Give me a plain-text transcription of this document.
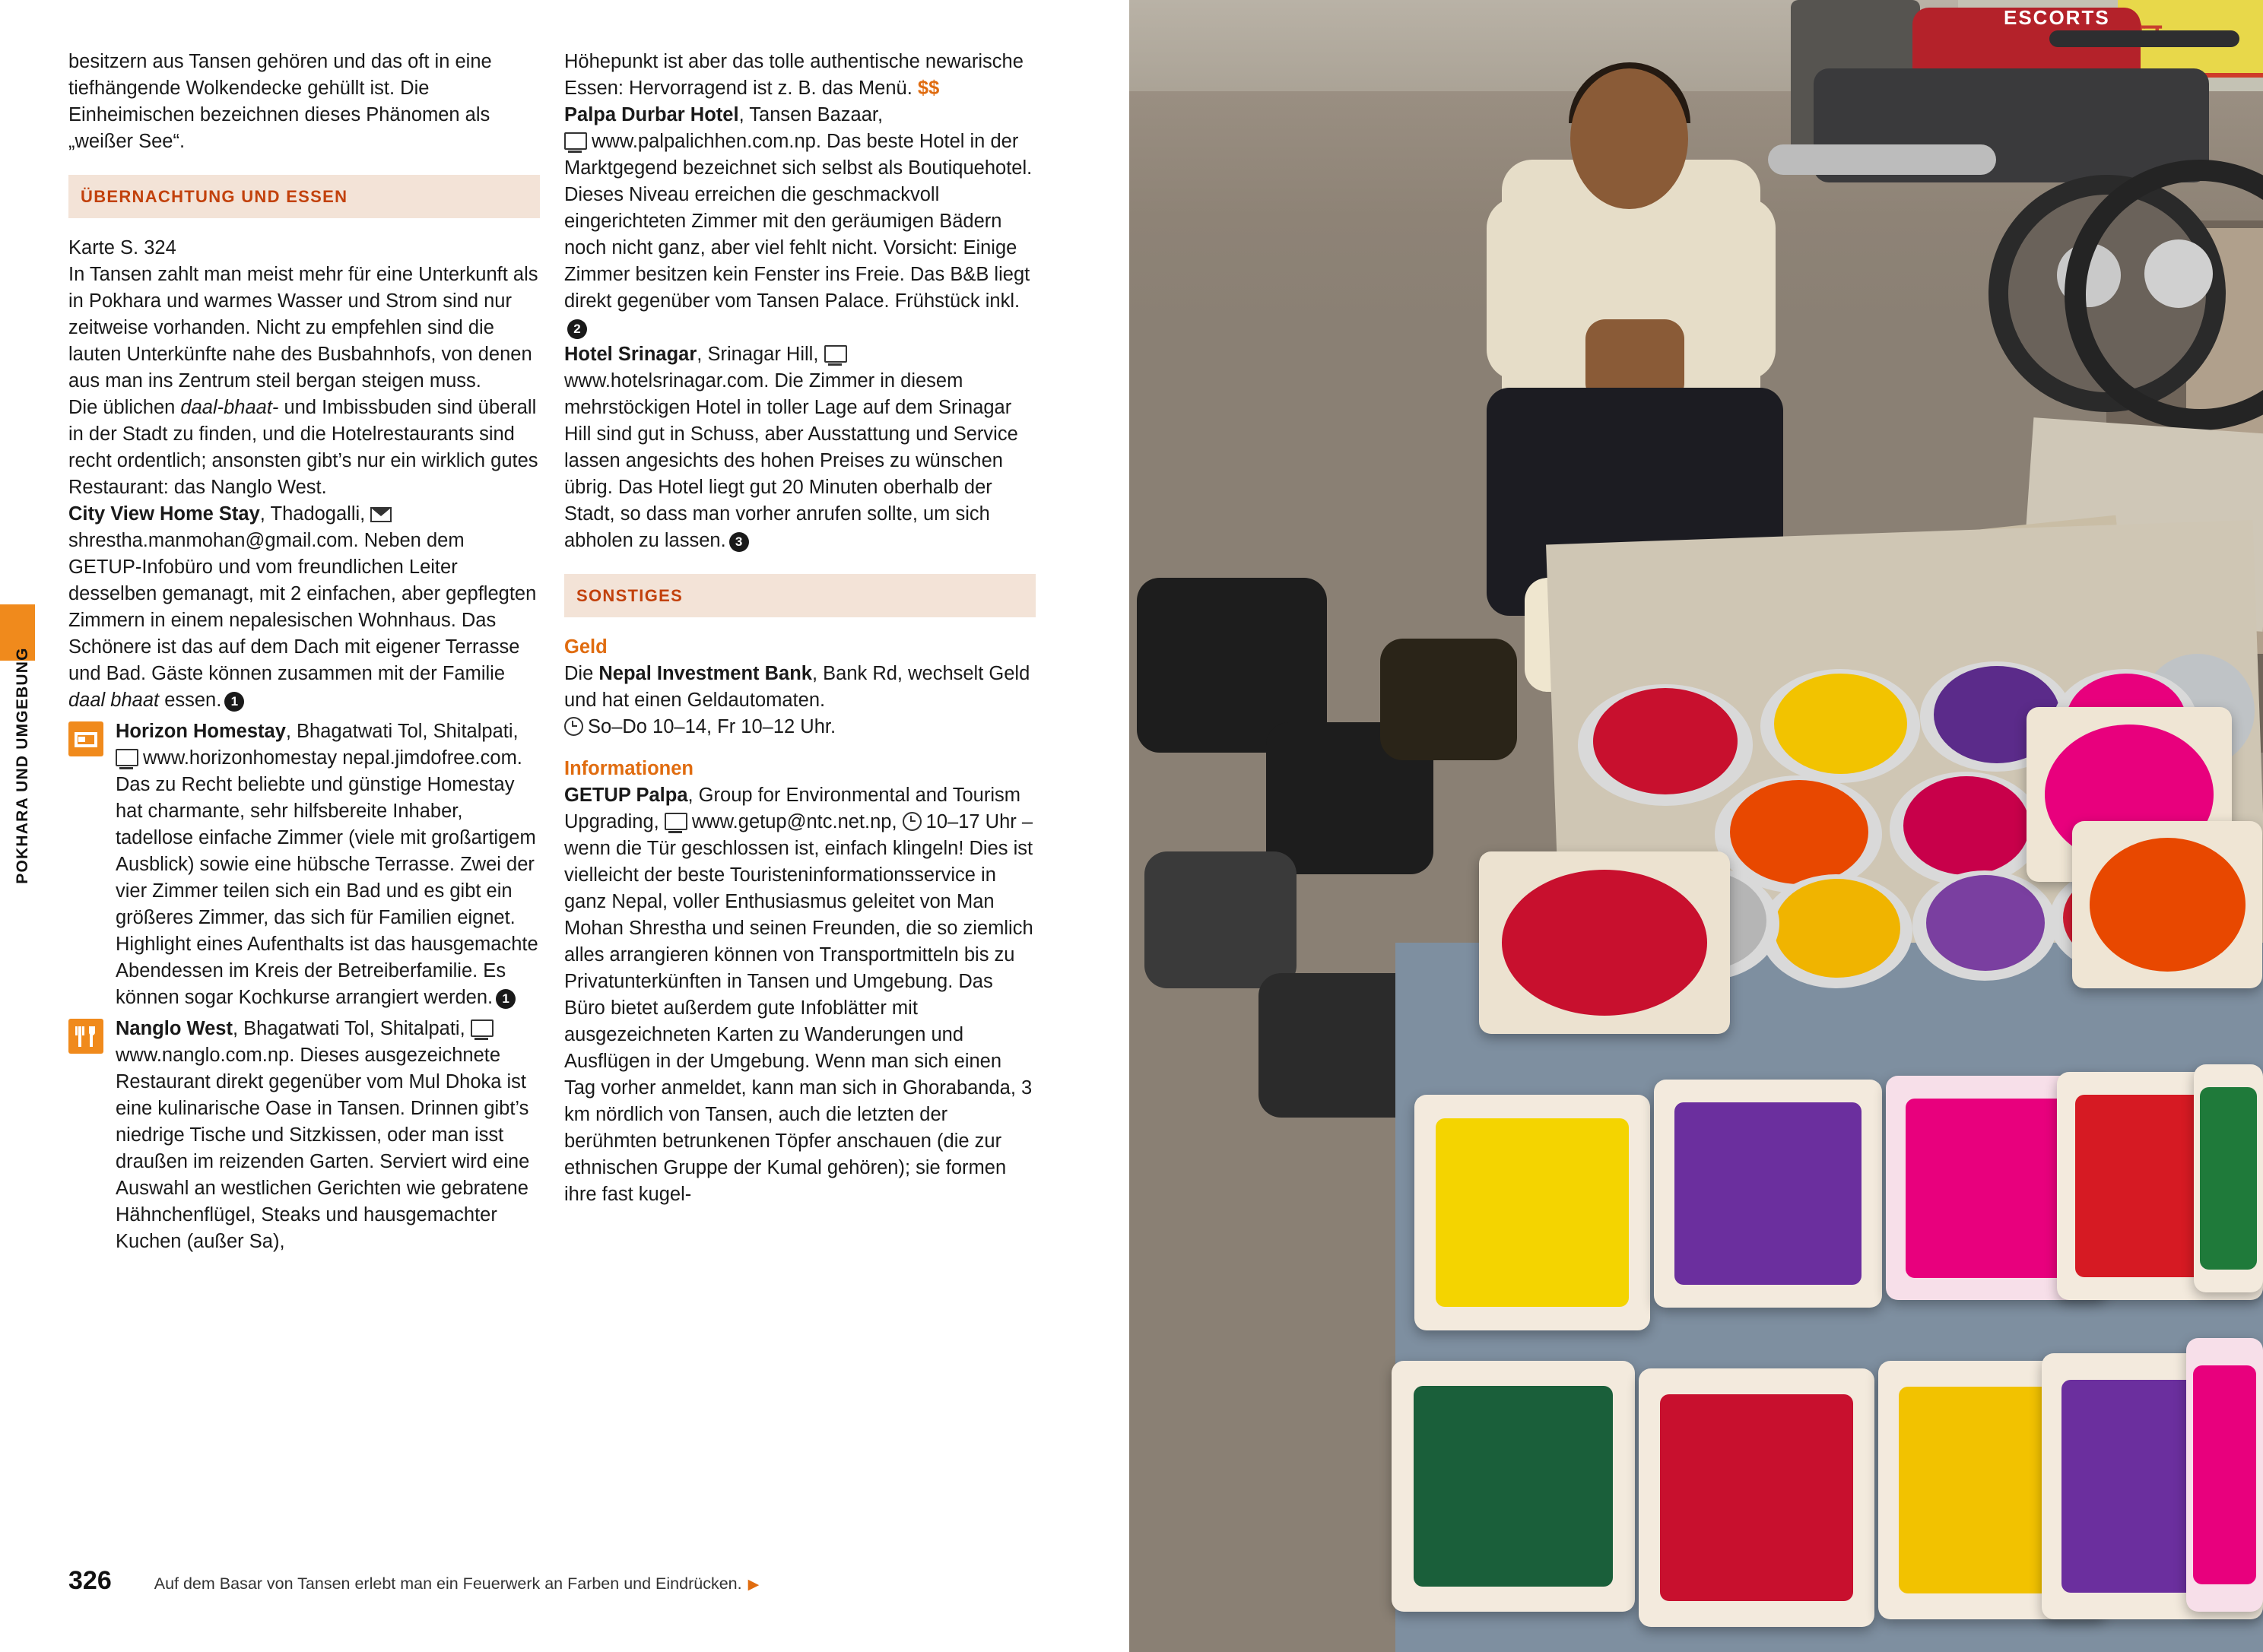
POKHARA UND UMGEBUNG

besitzern aus Tansen gehören und das oft in eine tiefhängende Wolkendecke gehüllt ist. Die Einheimischen bezeichnen dieses Phänomen als „weißer See“.

ÜBERNACHTUNG UND ESSEN

Karte S. 324

In Tansen zahlt man meist mehr für eine Unterkunft als in Pokhara und warmes Wasser und Strom sind nur zeitweise vorhanden. Nicht zu empfehlen sind die lauten Unterkünfte nahe des Busbahnhofs, von denen aus man ins Zentrum steil bergan steigen muss.

Die üblichen daal-bhaat- und Imbissbuden sind überall in der Stadt zu finden, und die Hotelrestaurants sind recht ordentlich; ansonsten gibt’s nur ein wirklich gutes Restaurant: das Nanglo West.

City View Home Stay, Thadogalli, shrestha.manmohan@gmail.com. Neben dem GETUP-Infobüro und vom freundlichen Leiter desselben gemanagt, mit 2 einfachen, aber gepflegten Zimmern in einem nepalesischen Wohnhaus. Das Schönere ist das auf dem Dach mit eigener Terrasse und Bad. Gäste können zusammen mit der Familie daal bhaat essen. 1

Horizon Homestay, Bhagatwati Tol, Shitalpati, www.horizonhomestay nepal.jimdofree.com. Das zu Recht beliebte und günstige Homestay hat charmante, sehr hilfsbereite Inhaber, tadellose einfache Zimmer (viele mit großartigem Ausblick) sowie eine hübsche Terrasse. Zwei der vier Zimmer teilen sich ein Bad und es gibt ein größeres Zimmer, das sich für Familien eignet. Highlight eines Aufenthalts ist das hausgemachte Abendessen im Kreis der Betreiberfamilie. Es können sogar Kochkurse arrangiert werden. 1

Nanglo West, Bhagatwati Tol, Shitalpati, www.nanglo.com.np. Dieses ausgezeichnete Restaurant direkt gegenüber vom Mul Dhoka ist eine kulinarische Oase in Tansen. Drinnen gibt’s niedrige Tische und Sitzkissen, oder man isst draußen im reizenden Garten. Serviert wird eine Auswahl an westlichen Gerichten wie gebratene Hähnchenflügel, Steaks und hausgemachter Kuchen (außer Sa),

Höhepunkt ist aber das tolle authentische newarische Essen: Hervorragend ist z. B. das Menü. $$

Palpa Durbar Hotel, Tansen Bazaar,
www.palpalichhen.com.np. Das beste Hotel in der Marktgegend bezeichnet sich selbst als Boutiquehotel. Dieses Niveau erreichen die geschmackvoll eingerichteten Zimmer mit den geräumigen Bädern noch nicht ganz, aber viel fehlt nicht. Vorsicht: Einige Zimmer besitzen kein Fenster ins Freie. Das B&B liegt direkt gegenüber vom Tansen Palace. Frühstück inkl.2

Hotel Srinagar, Srinagar Hill, www.hotelsrinagar.com. Die Zimmer in diesem mehrstöckigen Hotel in toller Lage auf dem Srinagar Hill sind gut in Schuss, aber Ausstattung und Service lassen angesichts des hohen Preises zu wünschen übrig. Das Hotel liegt gut 20 Minuten oberhalb der Stadt, so dass man vorher anrufen sollte, um sich abholen zu lassen. 3

SONSTIGES
Geld

Die Nepal Investment Bank, Bank Rd, wechselt Geld und hat einen Geldautomaten.
So–Do 10–14, Fr 10–12 Uhr.

Informationen

GETUP Palpa, Group for Environmental and Tourism Upgrading, www.getup@ntc.net.np, 10–17 Uhr – wenn die Tür geschlossen ist, einfach klingeln! Dies ist vielleicht der beste Touristeninformationsservice in ganz Nepal, voller Enthusiasmus geleitet von Man Mohan Shrestha und seinen Freunden, die so ziemlich alles arrangieren können von Transportmitteln bis zu Privatunterkünften in Tansen und Umgebung. Das Büro bietet außerdem gute Infoblätter mit ausgezeichneten Karten zu Wanderungen und Ausflügen in der Umgebung. Wenn man sich einen Tag vorher anmeldet, kann man sich in Ghorabanda, 3 km nördlich von Tansen, auch die letzten der berühmten betrunkenen Töpfer anschauen (die zur ethnischen Gruppe der Kumal gehören); sie formen ihre fast kugel-

326	Auf dem Basar von Tansen erlebt man ein Feuerwerk an Farben und Eindrücken. ▶
ESCORTS
